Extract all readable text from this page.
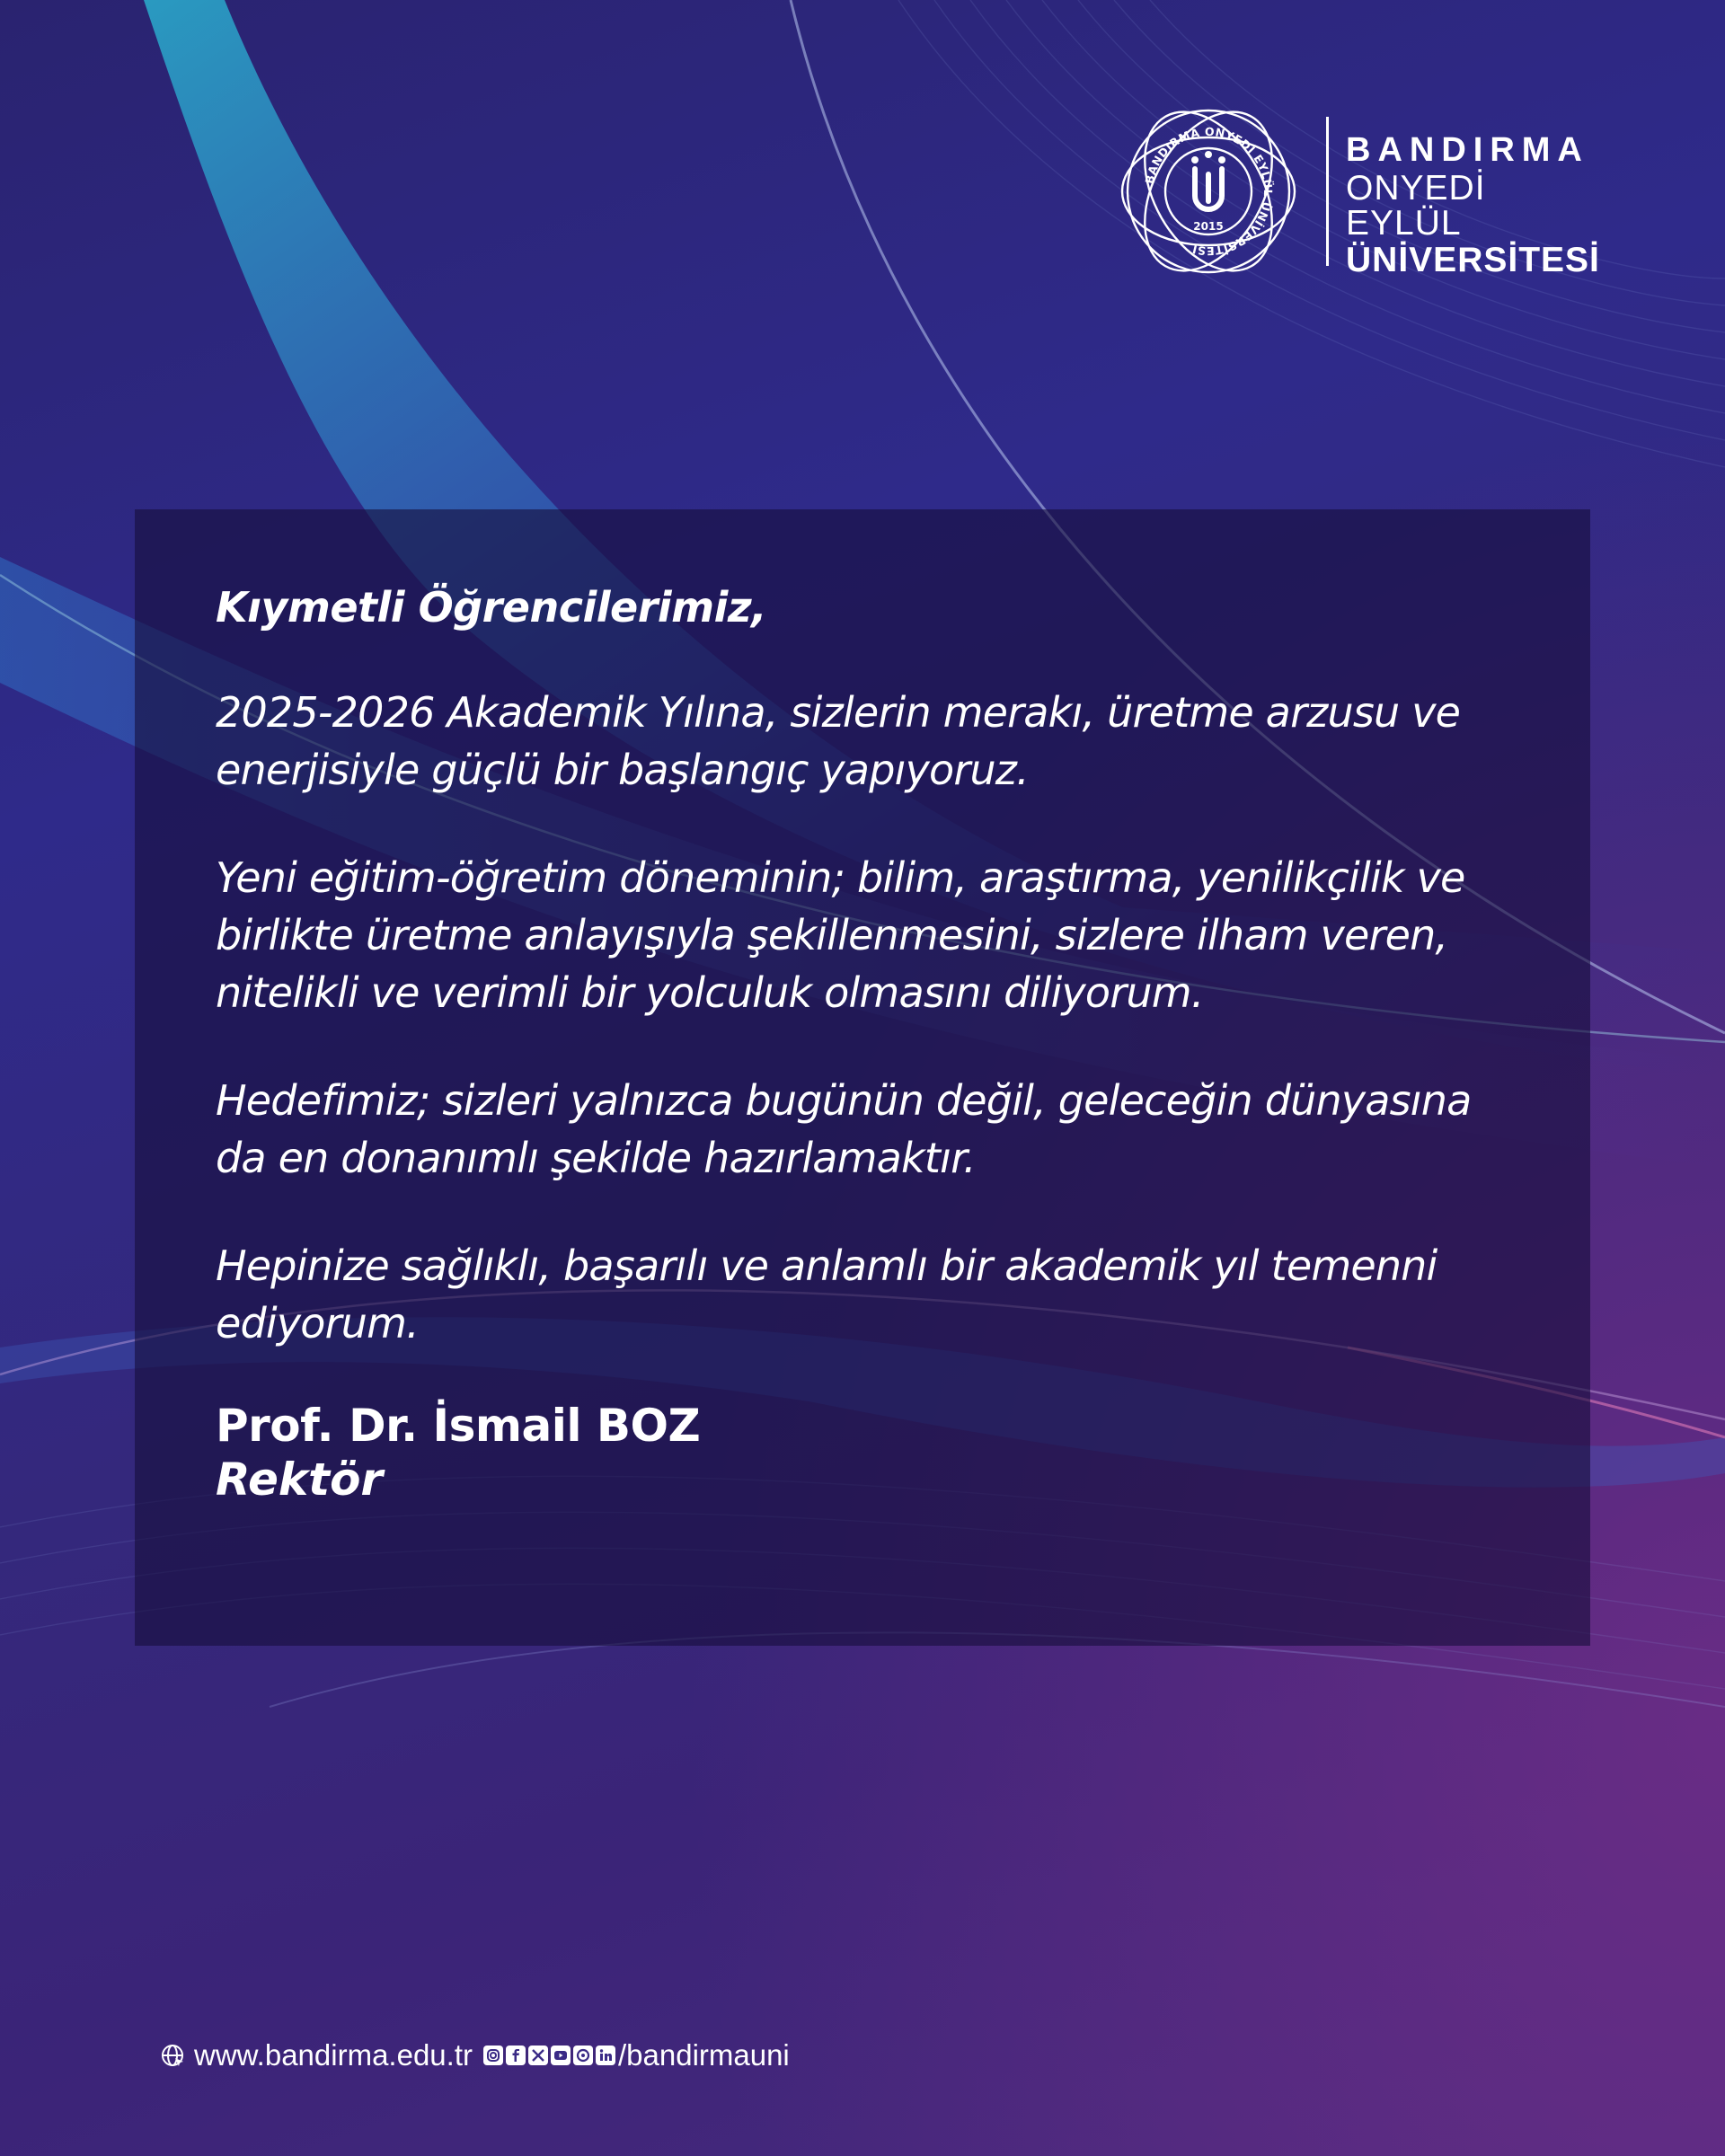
BANDIRMA ONYEDİ EYLÜL ÜNİVERSİTESİ
2015
BANDIRMA
ONYEDİ EYLÜL
ÜNİVERSİTESİ

Kıymetli Öğrencilerimiz,

2025-2026 Akademik Yılına, sizlerin merakı, üretme arzusu ve enerjisiyle güçlü bir başlangıç yapıyoruz.

Yeni eğitim-öğretim döneminin; bilim, araştırma, yenilikçilik ve birlikte üretme anlayışıyla şekillenmesini, sizlere ilham veren, nitelikli ve verimli bir yolculuk olmasını diliyorum.

Hedefimiz; sizleri yalnızca bugünün değil, geleceğin dünyasına da en donanımlı şekilde hazırlamaktır.

Hepinize sağlıklı, başarılı ve anlamlı bir akademik yıl temenni ediyorum.

Prof. Dr. İsmail BOZ

Rektör

www.bandirma.edu.tr	/bandirmauni
